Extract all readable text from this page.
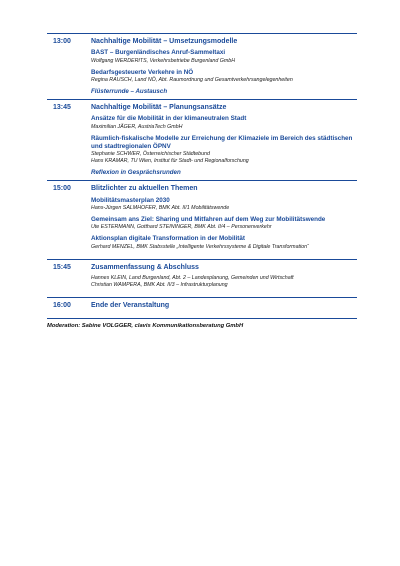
13:00	Nachhaltige Mobilität – Umsetzungsmodelle
BAST – Burgenländisches Anruf-Sammeltaxi
Wolfgang WERDERITS, Verkehrsbetriebe Burgenland GmbH
Bedarfsgesteuerte Verkehre in NÖ
Regina RAUSCH, Land NÖ, Abt. Raumordnung und Gesamtverkehrsangelegenheiten
Flüsterrunde – Austausch
13:45	Nachhaltige Mobilität – Planungsansätze
Ansätze für die Mobilität in der klimaneutralen Stadt
Maximilian JÄGER, AustriaTech GmbH
Räumlich-fiskalische Modelle zur Erreichung der Klimaziele im Bereich des städtischen und stadtregionalen ÖPNV
Stephanie SCHWER, Österreichischer Städtebund
Hans KRAMAR, TU Wien, Institut für Stadt- und Regionalforschung
Reflexion in Gesprächsrunden
15:00	Blitzlichter zu aktuellen Themen
Mobilitätsmasterplan 2030
Hans-Jürgen SALMHOFER, BMK Abt. II/1 Mobilitätswende
Gemeinsam ans Ziel: Sharing und Mitfahren auf dem Weg zur Mobilitätswende
Ute ESTERMANN, Gotthard STEININGER, BMK Abt. II/4 – Personenverkehr
Aktionsplan digitale Transformation in der Mobilität
Gerhard MENZEL, BMK Stabsstelle „Intelligente Verkehrssysteme & Digitale Transformation“
15:45	Zusammenfassung & Abschluss
Hannes KLEIN, Land Burgenland, Abt. 2 – Landesplanung, Gemeinden und Wirtschaft
Christian WAMPERA, BMK Abt. II/3 – Infrastrukturplanung
16:00	Ende der Veranstaltung
Moderation: Sabine VOLGGER, clavis Kommunikationsberatung GmbH
